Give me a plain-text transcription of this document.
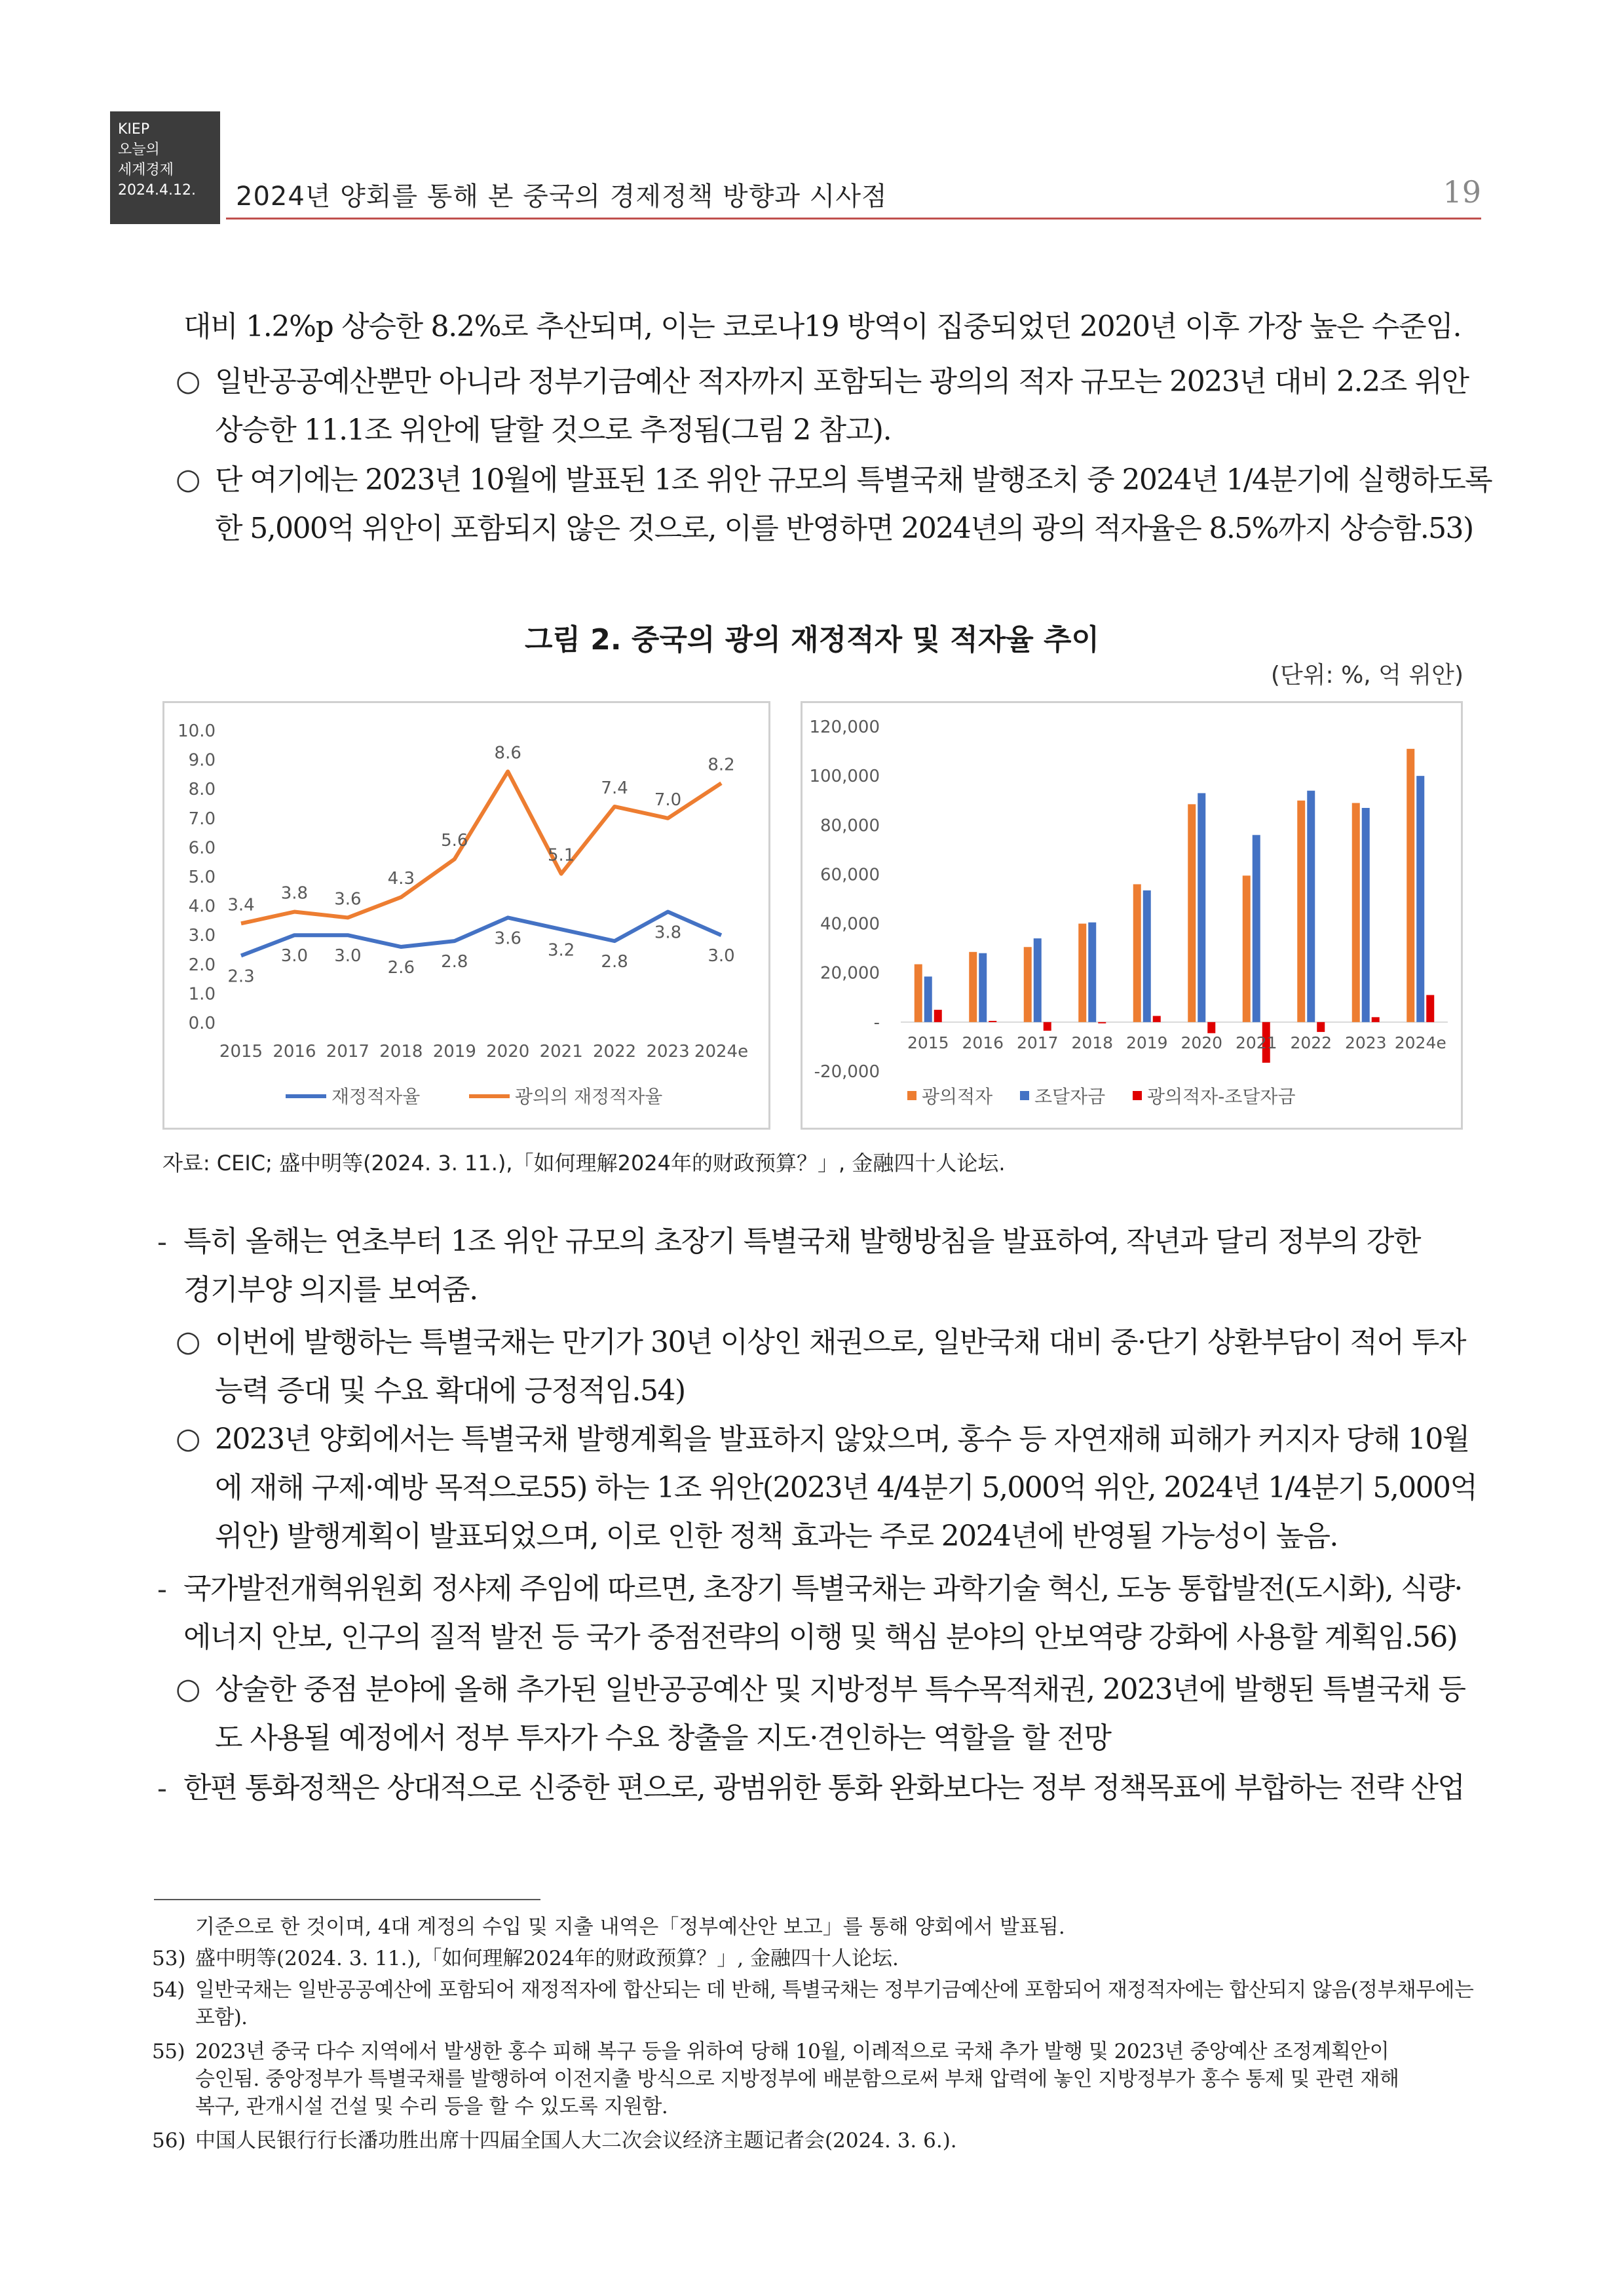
KIEP
오늘의
세계경제
2024.4.12.	2024년 양회를 통해 본 중국의 경제정책 방향과 시사점	19
대비 1.2%p 상승한 8.2%로 추산되며, 이는 코로나19 방역이 집중되었던 2020년 이후 가장 높은 수준임.
○ 일반공공예산뿐만 아니라 정부기금예산 적자까지 포함되는 광의의 적자 규모는 2023년 대비 2.2조 위안
상승한 11.1조 위안에 달할 것으로 추정됨(그림 2 참고).
○ 단 여기에는 2023년 10월에 발표된 1조 위안 규모의 특별국채 발행조치 중 2024년 1/4분기에 실행하도록
한 5,000억 위안이 포함되지 않은 것으로, 이를 반영하면 2024년의 광의 적자율은 8.5%까지 상승함.53)
그림 2. 중국의 광의 재정적자 및 적자율 추이
(단위: %, 억 위안)
10.0
9.0
8.0
7.0
6.0
5.0
4.0
3.0
2.0
1.0
0.0
2015 2016 2017 2018 2019 2020 2021 2022 2023 2024e
2.3
3.0 3.0
2.6 2.8
3.6
3.2
2.8
3.8
3.0
3.4
3.8 3.6
4.3
5.6
8.6
5.1
7.4
7.0
8.2
재정적자율	광의의 재정적자율
120,000
100,000
80,000
60,000
40,000
20,000
-
-20,000
2015 2016 2017 2018 2019 2020 2021 2022 2023 2024e
광의적자 조달자금 광의적자-조달자금
자료: CEIC; 盛中明等(2024. 3. 11.),「如何理解2024年的财政预算？」, 金融四十人论坛.
- 특히 올해는 연초부터 1조 위안 규모의 초장기 특별국채 발행방침을 발표하여, 작년과 달리 정부의 강한
경기부양 의지를 보여줌.
○ 이번에 발행하는 특별국채는 만기가 30년 이상인 채권으로, 일반국채 대비 중·단기 상환부담이 적어 투자
능력 증대 및 수요 확대에 긍정적임.54)
○ 2023년 양회에서는 특별국채 발행계획을 발표하지 않았으며, 홍수 등 자연재해 피해가 커지자 당해 10월
에 재해 구제·예방 목적으로55) 하는 1조 위안(2023년 4/4분기 5,000억 위안, 2024년 1/4분기 5,000억
위안) 발행계획이 발표되었으며, 이로 인한 정책 효과는 주로 2024년에 반영될 가능성이 높음.
- 국가발전개혁위원회 정샤제 주임에 따르면, 초장기 특별국채는 과학기술 혁신, 도농 통합발전(도시화), 식량·
에너지 안보, 인구의 질적 발전 등 국가 중점전략의 이행 및 핵심 분야의 안보역량 강화에 사용할 계획임.56)
○ 상술한 중점 분야에 올해 추가된 일반공공예산 및 지방정부 특수목적채권, 2023년에 발행된 특별국채 등
도 사용될 예정에서 정부 투자가 수요 창출을 지도·견인하는 역할을 할 전망
- 한편 통화정책은 상대적으로 신중한 편으로, 광범위한 통화 완화보다는 정부 정책목표에 부합하는 전략 산업
기준으로 한 것이며, 4대 계정의 수입 및 지출 내역은「정부예산안 보고」를 통해 양회에서 발표됨.
53) 盛中明等(2024. 3. 11.),「如何理解2024年的财政预算？」, 金融四十人论坛.
54) 일반국채는 일반공공예산에 포함되어 재정적자에 합산되는 데 반해, 특별국채는 정부기금예산에 포함되어 재정적자에는 합산되지 않음(정부채무에는
포함).
55) 2023년 중국 다수 지역에서 발생한 홍수 피해 복구 등을 위하여 당해 10월, 이례적으로 국채 추가 발행 및 2023년 중앙예산 조정계획안이
승인됨. 중앙정부가 특별국채를 발행하여 이전지출 방식으로 지방정부에 배분함으로써 부채 압력에 놓인 지방정부가 홍수 통제 및 관련 재해
복구, 관개시설 건설 및 수리 등을 할 수 있도록 지원함.
56) 中国人民银行行长潘功胜出席十四届全国人大二次会议经济主题记者会(2024. 3. 6.).
